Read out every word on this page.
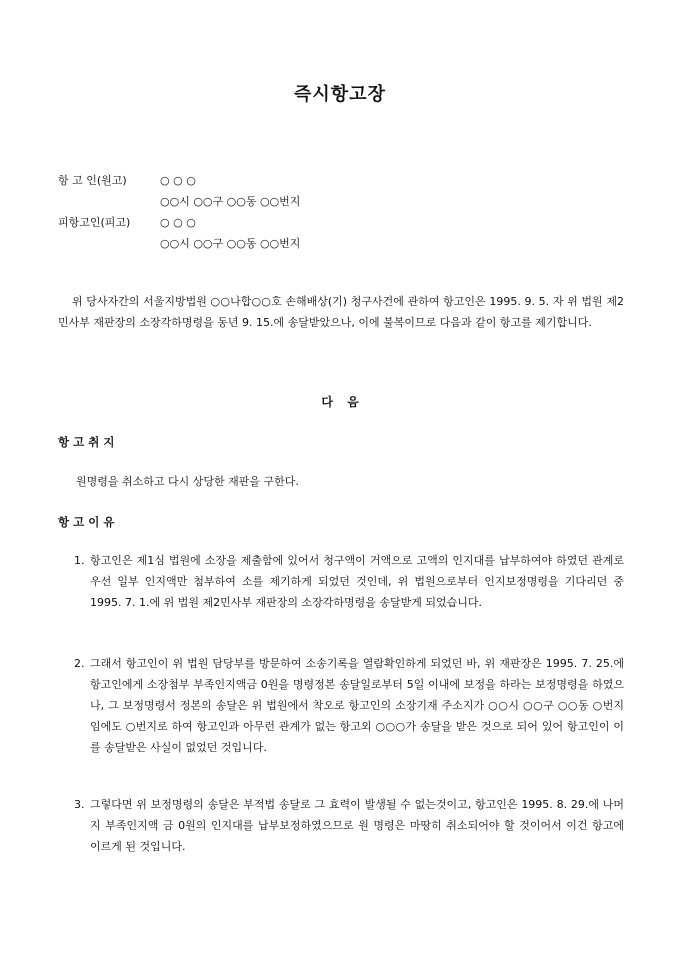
즉시항고장
항 고 인(원고)	○ ○ ○
○○시 ○○구 ○○동 ○○번지
피항고인(피고)	○ ○ ○
○○시 ○○구 ○○동 ○○번지
위 당사자간의 서울지방법원 ○○나합○○호 손해배상(기) 청구사건에 관하여 항고인은 1995. 9. 5. 자 위 법원 제2민사부 재판장의 소장각하명령을 동년 9. 15.에 송달받았으나, 이에 불복이므로 다음과 같이 항고를 제기합니다.
다 음
항 고 취 지
원명령을 취소하고 다시 상당한 재판을 구한다.
항 고 이 유
1. 항고인은 제1심 법원에 소장을 제출함에 있어서 청구액이 거액으로 고액의 인지대를 납부하여야 하였던 관계로 우선 일부 인지액만 첨부하여 소를 제기하게 되었던 것인데, 위 법원으로부터 인지보정명령을 기다리던 중 1995. 7. 1.에 위 법원 제2민사부 재판장의 소장각하명령을 송달받게 되었습니다.
2. 그래서 항고인이 위 법원 담당부를 방문하여 소송기록을 열람확인하게 되었던 바, 위 재판장은 1995. 7. 25.에 항고인에게 소장첨부 부족인지액금 0원을 명령정본 송달일로부터 5일 이내에 보정을 하라는 보정명령을 하였으나, 그 보정명령서 정본의 송달은 위 법원에서 착오로 항고인의 소장기재 주소지가 ○○시 ○○구 ○○동 ○번지 임에도 ○번지로 하여 항고인과 아무런 관계가 없는 항고외 ○○○가 송달을 받은 것으로 되어 있어 항고인이 이를 송달받은 사실이 없었던 것입니다.
3. 그렇다면 위 보정명령의 송달은 부적법 송달로 그 효력이 발생될 수 없는것이고, 항고인은 1995. 8. 29.에 나머지 부족인지액 금 0원의 인지대를 납부보정하였으므로 원 명령은 마땅히 취소되어야 할 것이어서 이건 항고에 이르게 된 것입니다.
